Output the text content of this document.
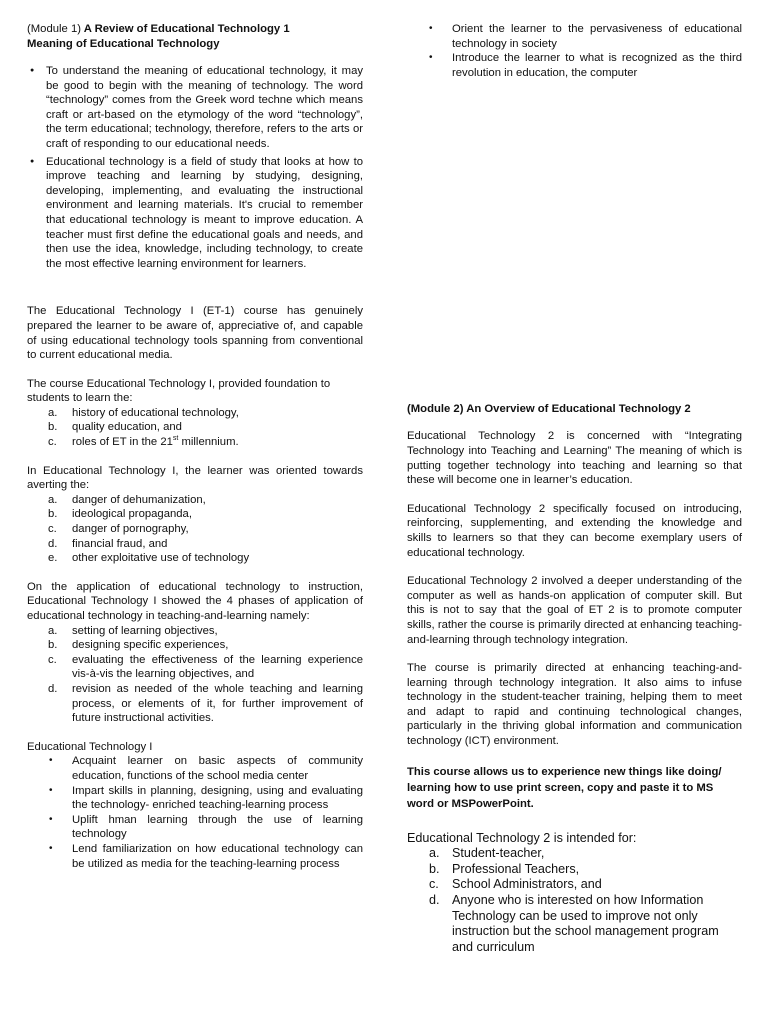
(Module 1) A Review of Educational Technology 1
Meaning of Educational Technology
● To understand the meaning of educational technology, it may be good to begin with the meaning of technology. The word “technology” comes from the Greek word techne which means craft or art-based on the etymology of the word “technology”, the term educational; technology, therefore, refers to the arts or craft of responding to our educational needs.
● Educational technology is a field of study that looks at how to improve teaching and learning by studying, designing, developing, implementing, and evaluating the instructional environment and learning materials. It's crucial to remember that educational technology is meant to improve education. A teacher must first define the educational goals and needs, and then use the idea, knowledge, including technology, to create the most effective learning environment for learners.

The Educational Technology I (ET-1) course has genuinely prepared the learner to be aware of, appreciative of, and capable of using educational technology tools spanning from conventional to current educational media.

The course Educational Technology I, provided foundation to students to learn the:

a. history of educational technology,
b. quality education, and
c. roles of ET in the 21st millennium.

In Educational Technology I, the learner was oriented towards averting the:

a. danger of dehumanization,
b. ideological propaganda,
c. danger of pornography,
d. financial fraud, and
e. other exploitative use of technology

On the application of educational technology to instruction, Educational Technology I showed the 4 phases of application of educational technology in teaching-and-learning namely:

a. setting of learning objectives,
b. designing specific experiences,
c. evaluating the effectiveness of the learning experience vis-à-vis the learning objectives, and
d. revision as needed of the whole teaching and learning process, or elements of it, for further improvement of future instructional activities.
Educational Technology I
• Acquaint learner on basic aspects of community education, functions of the school media center
• Impart skills in planning, designing, using and evaluating the technology- enriched teaching-learning process
• Uplift hman learning through the use of learning technology
• Lend familiarization on how educational technology can be utilized as media for the teaching-learning process
• Orient the learner to the pervasiveness of educational technology in society
• Introduce the learner to what is recognized as the third revolution in education, the computer
(Module 2) An Overview of Educational Technology 2

Educational Technology 2 is concerned with “Integrating Technology into Teaching and Learning” The meaning of which is putting together technology into teaching and learning so that these will become one in learner’s education.

Educational Technology 2 specifically focused on introducing, reinforcing, supplementing, and extending the knowledge and skills to learners so that they can become exemplary users of educational technology.

Educational Technology 2 involved a deeper understanding of the computer as well as hands-on application of computer skill. But this is not to say that the goal of ET 2 is to promote computer skills, rather the course is primarily directed at enhancing teaching-and-learning through technology integration.

The course is primarily directed at enhancing teaching-and-learning through technology integration. It also aims to infuse technology in the student-teacher training, helping them to meet and adapt to rapid and continuing technological changes, particularly in the thriving global information and communication technology (ICT) environment.

This course allows us to experience new things like doing/ learning how to use print screen, copy and paste it to MS word or MSPowerPoint.

Educational Technology 2 is intended for:
a. Student-teacher,
b. Professional Teachers,
c. School Administrators, and
d. Anyone who is interested on how Information Technology can be used to improve not only instruction but the school management program and curriculum
